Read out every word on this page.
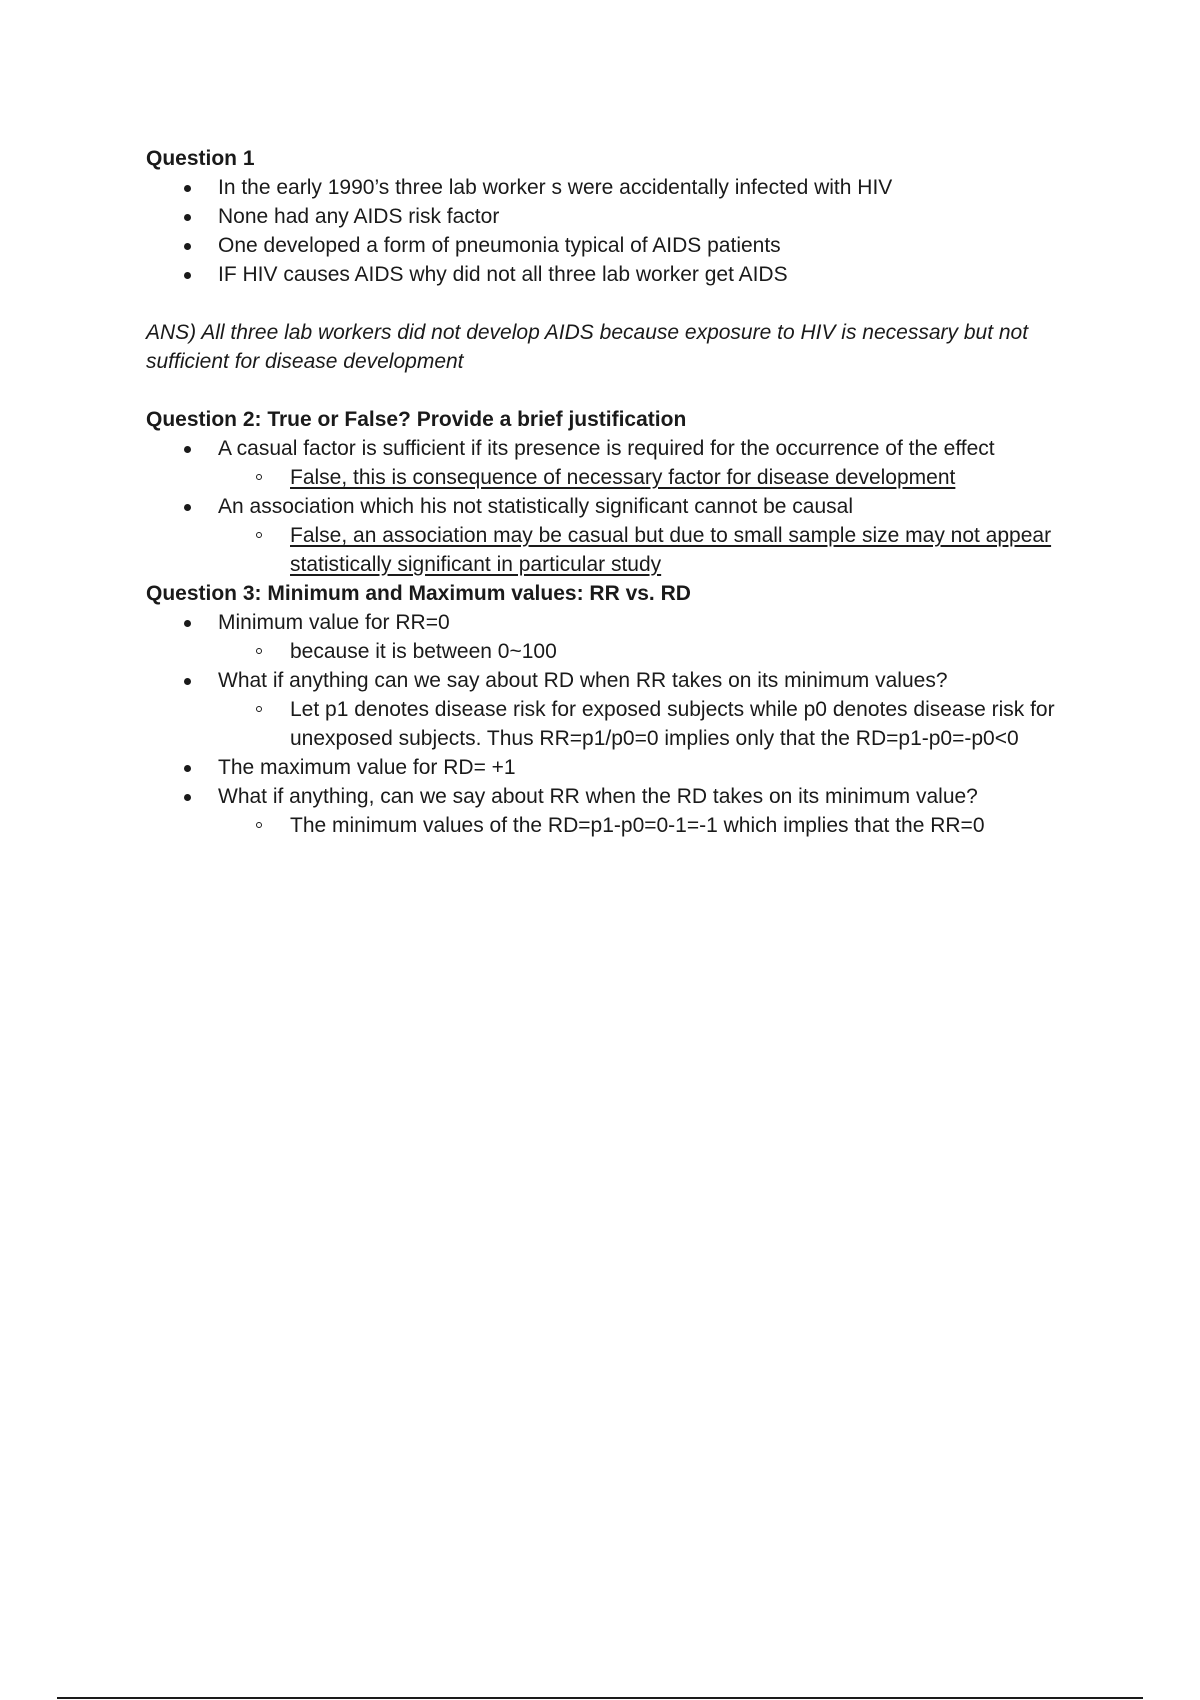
Question 1

In the early 1990’s three lab worker s were accidentally infected with HIV
None had any AIDS risk factor
One developed a form of pneumonia typical of AIDS patients
IF HIV causes AIDS why did not all three lab worker get AIDS

ANS) All three lab workers did not develop AIDS because exposure to HIV is necessary but not sufficient for disease development

Question 2: True or False? Provide a brief justification

A casual factor is sufficient if its presence is required for the occurrence of the effect
False, this is consequence of necessary factor for disease development
An association which his not statistically significant cannot be causal
False, an association may be casual but due to small sample size may not appear statistically significant in particular study

Question 3: Minimum and Maximum values: RR vs. RD

Minimum value for RR=0
because it is between 0~100
What if anything can we say about RD when RR takes on its minimum values?
Let p1 denotes disease risk for exposed subjects while p0 denotes disease risk for unexposed subjects. Thus RR=p1/p0=0 implies only that the RD=p1-p0=-p0<0
The maximum value for RD= +1
What if anything, can we say about RR when the RD takes on its minimum value?
The minimum values of the RD=p1-p0=0-1=-1 which implies that the RR=0
